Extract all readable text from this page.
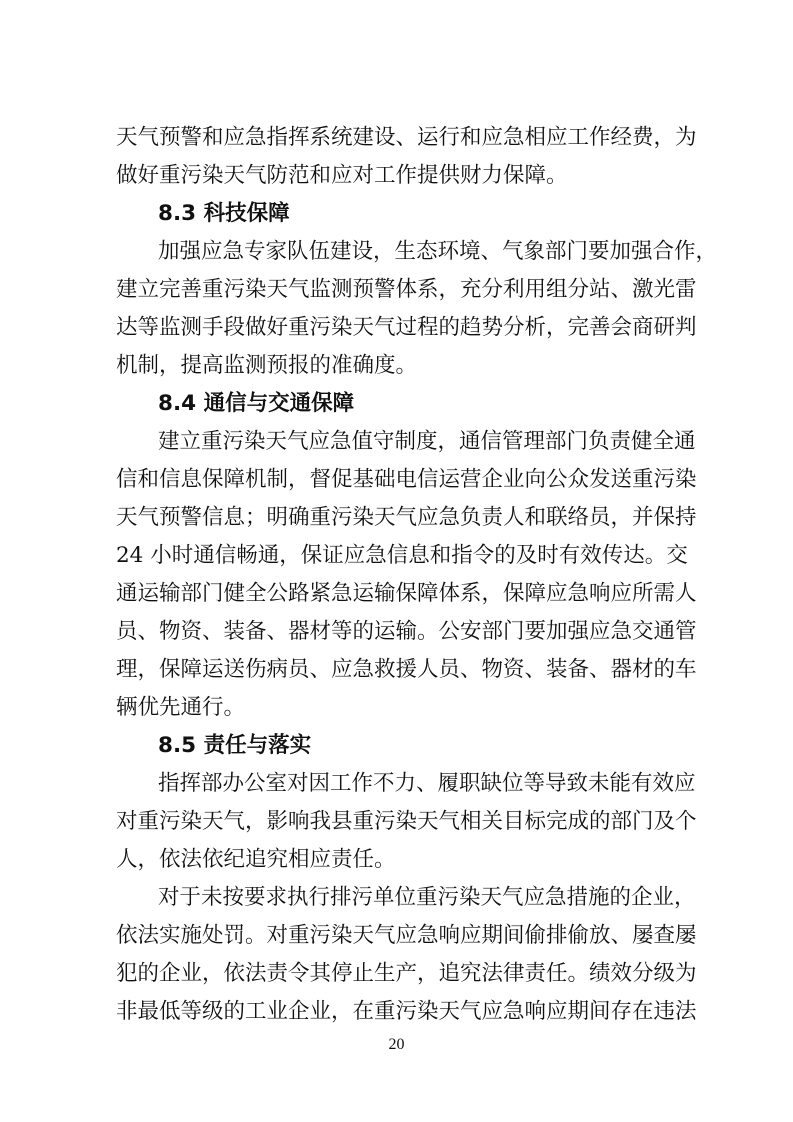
天气预警和应急指挥系统建设、运行和应急相应工作经费，为
做好重污染天气防范和应对工作提供财力保障。
8.3 科技保障
加强应急专家队伍建设，生态环境、气象部门要加强合作，
建立完善重污染天气监测预警体系，充分利用组分站、激光雷
达等监测手段做好重污染天气过程的趋势分析，完善会商研判
机制，提高监测预报的准确度。
8.4 通信与交通保障
建立重污染天气应急值守制度，通信管理部门负责健全通
信和信息保障机制，督促基础电信运营企业向公众发送重污染
天气预警信息；明确重污染天气应急负责人和联络员，并保持
24 小时通信畅通，保证应急信息和指令的及时有效传达。交
通运输部门健全公路紧急运输保障体系，保障应急响应所需人
员、物资、装备、器材等的运输。公安部门要加强应急交通管
理，保障运送伤病员、应急救援人员、物资、装备、器材的车
辆优先通行。
8.5 责任与落实
指挥部办公室对因工作不力、履职缺位等导致未能有效应
对重污染天气，影响我县重污染天气相关目标完成的部门及个
人，依法依纪追究相应责任。
对于未按要求执行排污单位重污染天气应急措施的企业，
依法实施处罚。对重污染天气应急响应期间偷排偷放、屡查屡
犯的企业，依法责令其停止生产，追究法律责任。绩效分级为
非最低等级的工业企业，在重污染天气应急响应期间存在违法
20
